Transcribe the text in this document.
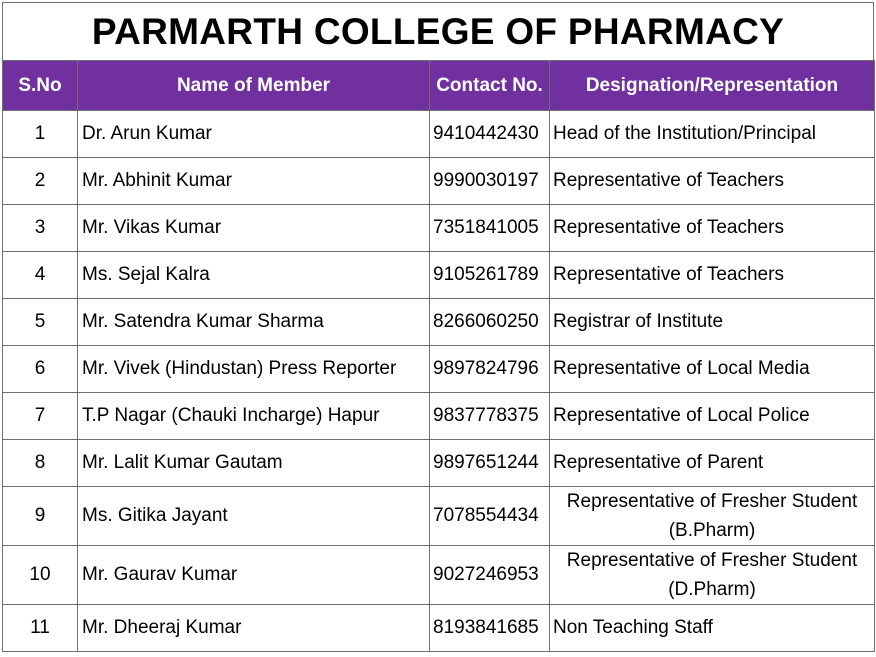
PARMARTH COLLEGE OF PHARMACY
S.No	Name of Member	Contact No.	Designation/Representation
1	Dr. Arun Kumar	9410442430	Head of the Institution/Principal
2	Mr. Abhinit Kumar	9990030197	Representative of Teachers
3	Mr. Vikas Kumar	7351841005	Representative of Teachers
4	Ms. Sejal Kalra	9105261789	Representative of Teachers
5	Mr. Satendra Kumar Sharma	8266060250	Registrar of Institute
6	Mr. Vivek (Hindustan) Press Reporter	9897824796	Representative of Local Media
7	T.P Nagar (Chauki Incharge) Hapur	9837778375	Representative of Local Police
8	Mr. Lalit Kumar Gautam	9897651244	Representative of Parent
9	Ms. Gitika Jayant	7078554434	Representative of Fresher Student (B.Pharm)
10	Mr. Gaurav Kumar	9027246953	Representative of Fresher Student (D.Pharm)
11	Mr. Dheeraj Kumar	8193841685	Non Teaching Staff
